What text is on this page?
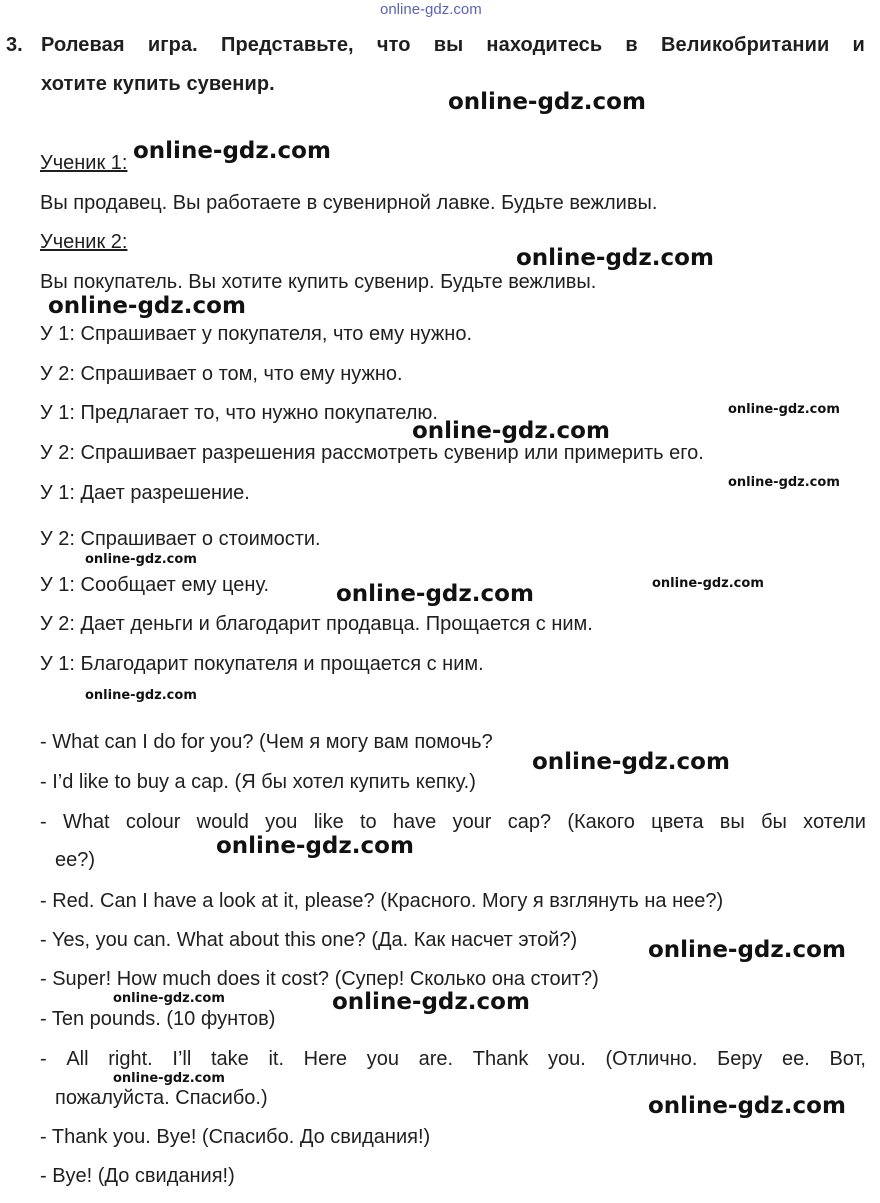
online-gdz.com
3. Ролевая игра. Представьте, что вы находитесь в Великобритании и
хотите купить сувенир.
Ученик 1:
Вы продавец. Вы работаете в сувенирной лавке. Будьте вежливы.
Ученик 2:
Вы покупатель. Вы хотите купить сувенир. Будьте вежливы.
У 1: Спрашивает у покупателя, что ему нужно.
У 2: Спрашивает о том, что ему нужно.
У 1: Предлагает то, что нужно покупателю.
У 2: Спрашивает разрешения рассмотреть сувенир или примерить его.
У 1: Дает разрешение.
У 2: Спрашивает о стоимости.
У 1: Сообщает ему цену.
У 2: Дает деньги и благодарит продавца. Прощается с ним.
У 1: Благодарит покупателя и прощается с ним.
- What can I do for you? (Чем я могу вам помочь?
- I’d like to buy a cap. (Я бы хотел купить кепку.)
- What colour would you like to have your cap? (Какого цвета вы бы хотели
ее?)
- Red. Can I have a look at it, please? (Красного. Могу я взглянуть на нее?)
- Yes, you can. What about this one? (Да. Как насчет этой?)
- Super! How much does it cost? (Супер! Сколько она стоит?)
- Ten pounds. (10 фунтов)
- All right. I’ll take it. Here you are. Thank you. (Отлично. Беру ее. Вот,
пожалуйста. Спасибо.)
- Thank you. Bye! (Спасибо. До свидания!)
- Bye! (До свидания!)
online-gdz.com
online-gdz.com
online-gdz.com
online-gdz.com
online-gdz.com
online-gdz.com
online-gdz.com
online-gdz.com
online-gdz.com
online-gdz.com
online-gdz.com
online-gdz.com
online-gdz.com
online-gdz.com
online-gdz.com	online-gdz.com
online-gdz.com
online-gdz.com
